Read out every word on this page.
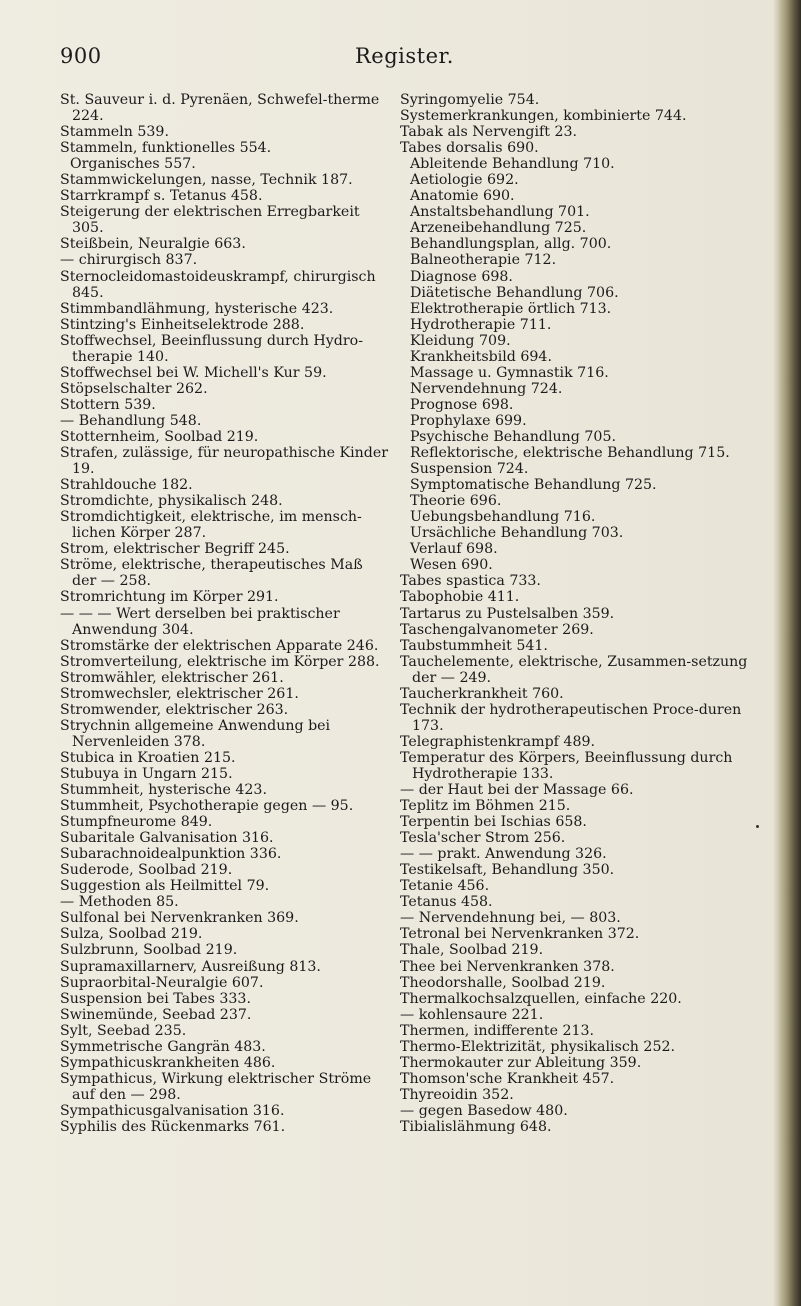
900	Register.
St. Sauveur i. d. Pyrenäen, Schwefel-therme 224.
Stammeln 539.
Stammeln, funktionelles 554.
Organisches 557.
Stammwickelungen, nasse, Technik 187.
Starrkrampf s. Tetanus 458.
Steigerung der elektrischen Erregbarkeit 305.
Steißbein, Neuralgie 663.
— chirurgisch 837.
Sternocleidomastoideuskrampf, chirurgisch 845.
Stimmbandlähmung, hysterische 423.
Stintzing's Einheitselektrode 288.
Stoffwechsel, Beeinflussung durch Hydro-therapie 140.
Stoffwechsel bei W. Michell's Kur 59.
Stöpselschalter 262.
Stottern 539.
— Behandlung 548.
Stotternheim, Soolbad 219.
Strafen, zulässige, für neuropathische Kinder 19.
Strahldouche 182.
Stromdichte, physikalisch 248.
Stromdichtigkeit, elektrische, im mensch-lichen Körper 287.
Strom, elektrischer Begriff 245.
Ströme, elektrische, therapeutisches Maß der — 258.
Stromrichtung im Körper 291.
— — — Wert derselben bei praktischer Anwendung 304.
Stromstärke der elektrischen Apparate 246.
Stromverteilung, elektrische im Körper 288.
Stromwähler, elektrischer 261.
Stromwechsler, elektrischer 261.
Stromwender, elektrischer 263.
Strychnin allgemeine Anwendung bei Nervenleiden 378.
Stubica in Kroatien 215.
Stubuya in Ungarn 215.
Stummheit, hysterische 423.
Stummheit, Psychotherapie gegen — 95.
Stumpfneurome 849.
Subaritale Galvanisation 316.
Subarachnoidealpunktion 336.
Suderode, Soolbad 219.
Suggestion als Heilmittel 79.
— Methoden 85.
Sulfonal bei Nervenkranken 369.
Sulza, Soolbad 219.
Sulzbrunn, Soolbad 219.
Supramaxillarnerv, Ausreißung 813.
Supraorbital-Neuralgie 607.
Suspension bei Tabes 333.
Swinemünde, Seebad 237.
Sylt, Seebad 235.
Symmetrische Gangrän 483.
Sympathicuskrankheiten 486.
Sympathicus, Wirkung elektrischer Ströme auf den — 298.
Sympathicusgalvanisation 316.
Syphilis des Rückenmarks 761.
Syringomyelie 754.
Systemerkrankungen, kombinierte 744.
Tabak als Nervengift 23.
Tabes dorsalis 690.
Ableitende Behandlung 710.
Aetiologie 692.
Anatomie 690.
Anstaltsbehandlung 701.
Arzeneibehandlung 725.
Behandlungsplan, allg. 700.
Balneotherapie 712.
Diagnose 698.
Diätetische Behandlung 706.
Elektrotherapie örtlich 713.
Hydrotherapie 711.
Kleidung 709.
Krankheitsbild 694.
Massage u. Gymnastik 716.
Nervendehnung 724.
Prognose 698.
Prophylaxe 699.
Psychische Behandlung 705.
Reflektorische, elektrische Behandlung 715.
Suspension 724.
Symptomatische Behandlung 725.
Theorie 696.
Uebungsbehandlung 716.
Ursächliche Behandlung 703.
Verlauf 698.
Wesen 690.
Tabes spastica 733.
Tabophobie 411.
Tartarus zu Pustelsalben 359.
Taschengalvanometer 269.
Taubstummheit 541.
Tauchelemente, elektrische, Zusammen-setzung der — 249.
Taucherkrankheit 760.
Technik der hydrotherapeutischen Proce-duren 173.
Telegraphistenkrampf 489.
Temperatur des Körpers, Beeinflussung durch Hydrotherapie 133.
— der Haut bei der Massage 66.
Teplitz im Böhmen 215.
Terpentin bei Ischias 658.
Tesla'scher Strom 256.
— — prakt. Anwendung 326.
Testikelsaft, Behandlung 350.
Tetanie 456.
Tetanus 458.
— Nervendehnung bei, — 803.
Tetronal bei Nervenkranken 372.
Thale, Soolbad 219.
Thee bei Nervenkranken 378.
Theodorshalle, Soolbad 219.
Thermalkochsalzquellen, einfache 220.
— kohlensaure 221.
Thermen, indifferente 213.
Thermo-Elektrizität, physikalisch 252.
Thermokauter zur Ableitung 359.
Thomson'sche Krankheit 457.
Thyreoidin 352.
— gegen Basedow 480.
Tibialislähmung 648.
